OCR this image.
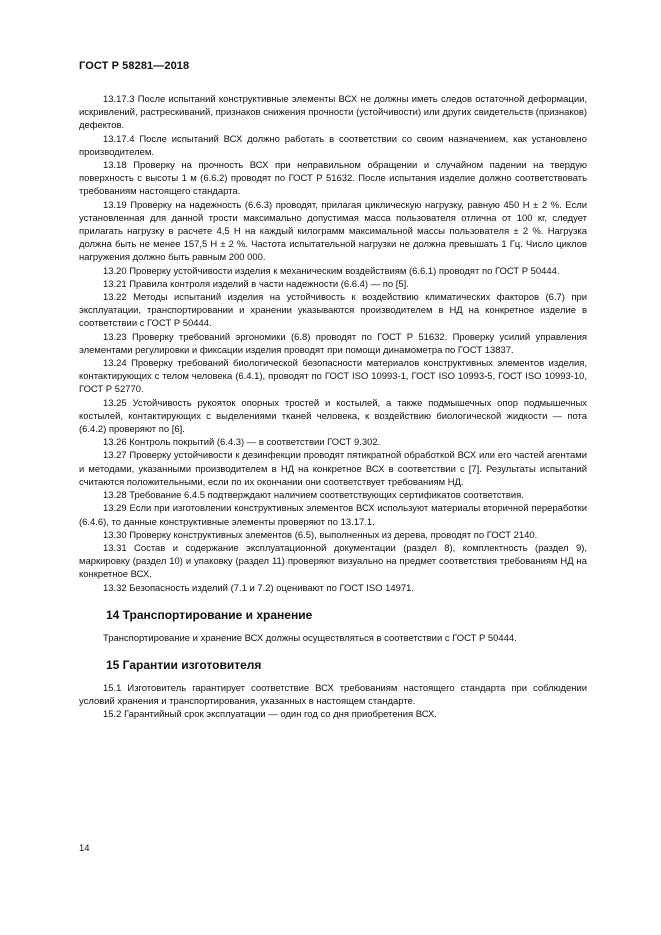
ГОСТ Р 58281—2018

13.17.3 После испытаний конструктивные элементы ВСХ не должны иметь следов остаточной деформации, искривлений, растрескиваний, признаков снижения прочности (устойчивости) или других свидетельств (признаков) дефектов.

13.17.4 После испытаний ВСХ должно работать в соответствии со своим назначением, как установлено производителем.

13.18 Проверку на прочность ВСХ при неправильном обращении и случайном падении на твердую поверхность с высоты 1 м (6.6.2) проводят по ГОСТ Р 51632. После испытания изделие должно соответствовать требованиям настоящего стандарта.

13.19 Проверку на надежность (6.6.3) проводят, прилагая циклическую нагрузку, равную 450 Н ± 2 %. Если установленная для данной трости максимально допустимая масса пользователя отлична от 100 кг, следует прилагать нагрузку в расчете 4,5 Н на каждый килограмм максимальной массы пользователя ± 2 %. Нагрузка должна быть не менее 157,5 Н ± 2 %. Частота испытательной нагрузки не должна превышать 1 Гц. Число циклов нагружения должно быть равным 200 000.

13.20 Проверку устойчивости изделия к механическим воздействиям (6.6.1) проводят по ГОСТ Р 50444.

13.21 Правила контроля изделий в части надежности (6.6.4) — по [5].

13.22 Методы испытаний изделия на устойчивость к воздействию климатических факторов (6.7) при эксплуатации, транспортировании и хранении указываются производителем в НД на конкретное изделие в соответствии с ГОСТ Р 50444.

13.23 Проверку требований эргономики (6.8) проводят по ГОСТ Р 51632. Проверку усилий управления элементами регулировки и фиксации изделия проводят при помощи динамометра по ГОСТ 13837.

13.24 Проверку требований биологической безопасности материалов конструктивных элементов изделия, контактирующих с телом человека (6.4.1), проводят по ГОСТ ISO 10993-1, ГОСТ ISO 10993-5, ГОСТ ISO 10993-10, ГОСТ Р 52770.

13.25 Устойчивость рукояток опорных тростей и костылей, а также подмышечных опор подмышечных костылей, контактирующих с выделениями тканей человека, к воздействию биологической жидкости — пота (6.4.2) проверяют по [6].

13.26 Контроль покрытий (6.4.3) — в соответствии ГОСТ 9.302.

13.27 Проверку устойчивости к дезинфекции проводят пятикратной обработкой ВСХ или его частей агентами и методами, указанными производителем в НД на конкретное ВСХ в соответствии с [7]. Результаты испытаний считаются положительными, если по их окончании они соответствует требованиям НД.

13.28 Требование 6.4.5 подтверждают наличием соответствующих сертификатов соответствия.

13.29 Если при изготовлении конструктивных элементов ВСХ используют материалы вторичной переработки (6.4.6), то данные конструктивные элементы проверяют по 13.17.1.

13.30 Проверку конструктивных элементов (6.5), выполненных из дерева, проводят по ГОСТ 2140.

13.31 Состав и содержание эксплуатационной документации (раздел 8), комплектность (раздел 9), маркировку (раздел 10) и упаковку (раздел 11) проверяют визуально на предмет соответствия требованиям НД на конкретное ВСХ.

13.32 Безопасность изделий (7.1 и 7.2) оценивают по ГОСТ ISO 14971.

14 Транспортирование и хранение

Транспортирование и хранение ВСХ должны осуществляться в соответствии с ГОСТ Р 50444.

15 Гарантии изготовителя

15.1 Изготовитель гарантирует соответствие ВСХ требованиям настоящего стандарта при соблюдении условий хранения и транспортирования, указанных в настоящем стандарте.

15.2 Гарантийный срок эксплуатации — один год со дня приобретения ВСХ.

14
